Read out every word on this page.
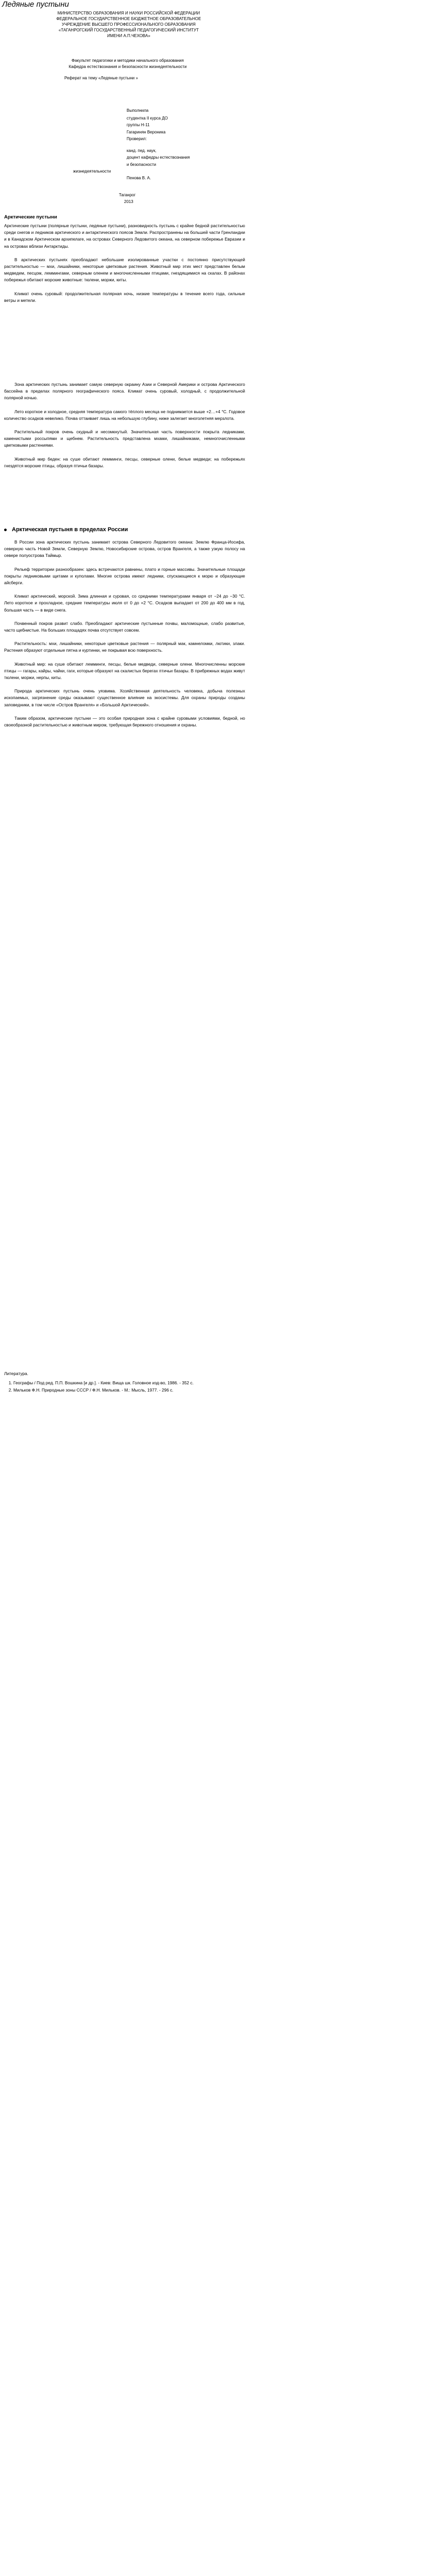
Ледяные пустыни
МИНИСТЕРСТВО ОБРАЗОВАНИЯ И НАУКИ РОССИЙСКОЙ ФЕДЕРАЦИИ
ФЕДЕРАЛЬНОЕ ГОСУДАРСТВЕННОЕ БЮДЖЕТНОЕ ОБРАЗОВАТЕЛЬНОЕ
УЧРЕЖДЕНИЕ ВЫСШЕГО ПРОФЕССИОНАЛЬНОГО ОБРАЗОВАНИЯ
«ТАГАНРОГСКИЙ ГОСУДАРСТВЕННЫЙ ПЕДАГОГИЧЕСКИЙ ИНСТИТУТ
ИМЕНИ А.П.ЧЕХОВА»
Факультет педагогики и методики начального образования
Кафедра естествознания и безопасности жизнедеятельности
Реферат на тему «Ледяные пустыни »
Выполнила
студентка II курса ДО
группы Н-11
Гагаринян Вероника
Проверил:
канд. пед. наук,
доцент кафедры естествознания
и безопасности
жизнедеятельности
Пенова В. А.
Таганрог
2013
Арктические пустыни

Арктические пустыни (полярные пустыни, ледяные пустыни), разновидность пустынь с крайне бедной растительностью среди снегов и ледников арктического и антарктического поясов Земли. Распространены на большей части Гренландии и в Канадском Арктическом архипелаге, на островах Северного Ледовитого океана, на северном побережье Евразии и на островах вблизи Антарктиды.

В арктических пустынях преобладают небольшие изолированные участки с постоянно присутствующей растительностью — мхи, лишайники, некоторые цветковые растения. Животный мир этих мест представлен белым медведем, песцом, леммингами, северным оленем и многочисленными птицами, гнездящимися на скалах. В районах побережья обитают морские животные: тюлени, моржи, киты.

Климат очень суровый: продолжительная полярная ночь, низкие температуры в течение всего года, сильные ветры и метели.

Зона арктических пустынь занимает самую северную окраину Азии и Северной Америки и острова Арктического бассейна в пределах полярного географического пояса. Климат очень суровый, холодный, с продолжительной полярной ночью.

Лето короткое и холодное, средняя температура самого тёплого месяца не поднимается выше +2…+4 °С. Годовое количество осадков невелико. Почва оттаивает лишь на небольшую глубину, ниже залегает многолетняя мерзлота.

Растительный покров очень скудный и несомкнутый. Значительная часть поверхности покрыта ледниками, каменистыми россыпями и щебнем. Растительность представлена мхами, лишайниками, немногочисленными цветковыми растениями.

Животный мир беден: на суше обитают лемминги, песцы, северные олени, белые медведи; на побережьях гнездятся морские птицы, образуя птичьи базары.

Арктическая пустыня в пределах России

В России зона арктических пустынь занимает острова Северного Ледовитого океана: Землю Франца-Иосифа, северную часть Новой Земли, Северную Землю, Новосибирские острова, остров Врангеля, а также узкую полосу на севере полуострова Таймыр.

Рельеф территории разнообразен: здесь встречаются равнины, плато и горные массивы. Значительные площади покрыты ледниковыми щитами и куполами. Многие острова имеют ледники, спускающиеся к морю и образующие айсберги.

Климат арктический, морской. Зима длинная и суровая, со средними температурами января от −24 до −30 °С. Лето короткое и прохладное, средние температуры июля от 0 до +2 °С. Осадков выпадает от 200 до 400 мм в год, большая часть — в виде снега.

Почвенный покров развит слабо. Преобладают арктические пустынные почвы, маломощные, слабо развитые, часто щебнистые. На больших площадях почва отсутствует совсем.

Растительность: мхи, лишайники, некоторые цветковые растения — полярный мак, камнеломки, лютики, злаки. Растения образуют отдельные пятна и куртинки, не покрывая всю поверхность.

Животный мир: на суше обитают лемминги, песцы, белые медведи, северные олени. Многочисленны морские птицы — гагары, кайры, чайки, гаги, которые образуют на скалистых берегах птичьи базары. В прибрежных водах живут тюлени, моржи, нерпы, киты.

Природа арктических пустынь очень уязвима. Хозяйственная деятельность человека, добыча полезных ископаемых, загрязнение среды оказывают существенное влияние на экосистемы. Для охраны природы созданы заповедники, в том числе «Остров Врангеля» и «Большой Арктический».

Таким образом, арктические пустыни — это особая природная зона с крайне суровыми условиями, бедной, но своеобразной растительностью и животным миром, требующая бережного отношения и охраны.

Литература.
1. Географы / Под ред. П.П. Вошкина [и др.]. - Киев: Вища шк. Головное изд-во, 1986. - 352 с.
2. Мильков Ф.Н. Природные зоны СССР / Ф.Н. Мильков. - М.: Мысль, 1977. - 296 с.
